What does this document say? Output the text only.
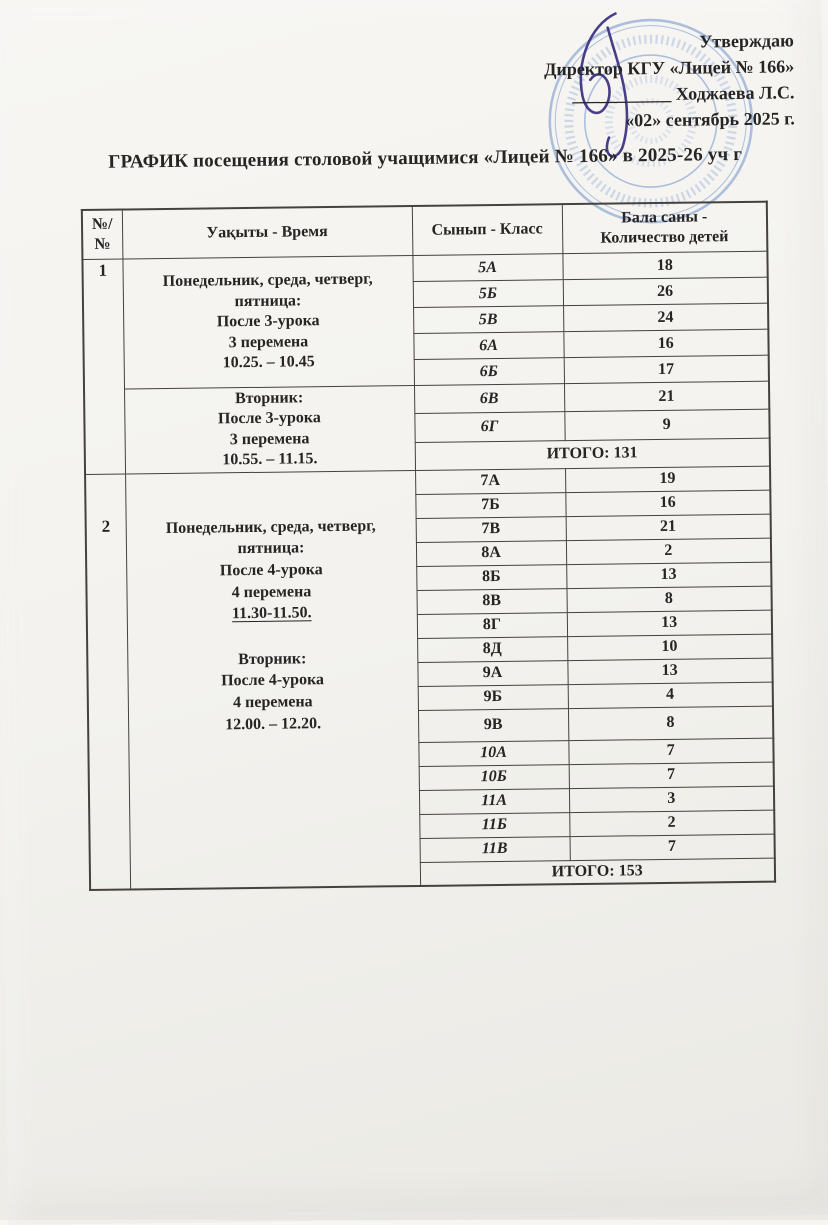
Утверждаю
Директор КГУ «Лицей № 166»
___________ Ходжаева Л.С.
«02» сентябрь 2025 г.
ГРАФИК посещения столовой учащимися «Лицей № 166» в 2025-26 уч г
№/
№

Уақыты - Время	Сынып - Класс

Бала саны -
Количество детей

1	Понедельник, среда, четверг,
пятница:
После 3-урока
3 перемена
10.25. – 10.45	5А	18
		5Б	26
		5В	24
		6А	16
		6Б	17

	Вторник:
После 3-урока
3 перемена
10.55. – 11.15.	6В	21
		6Г	9
		ИТОГО: 131	
2	Понедельник, среда, четверг,
пятница:
После 4-урока
4 перемена
11.30-11.50.
Вторник:
После 4-урока
4 перемена
12.00. – 12.20.
	7А	19
		7Б	16
		7В	21
		8А	2
		8Б	13
		8В	8
		8Г	13
		8Д	10
		9А	13
		9Б	4
		9В	8
		10А	7
		10Б	7
		11А	3
		11Б	2
		11В	7
		ИТОГО: 153	
